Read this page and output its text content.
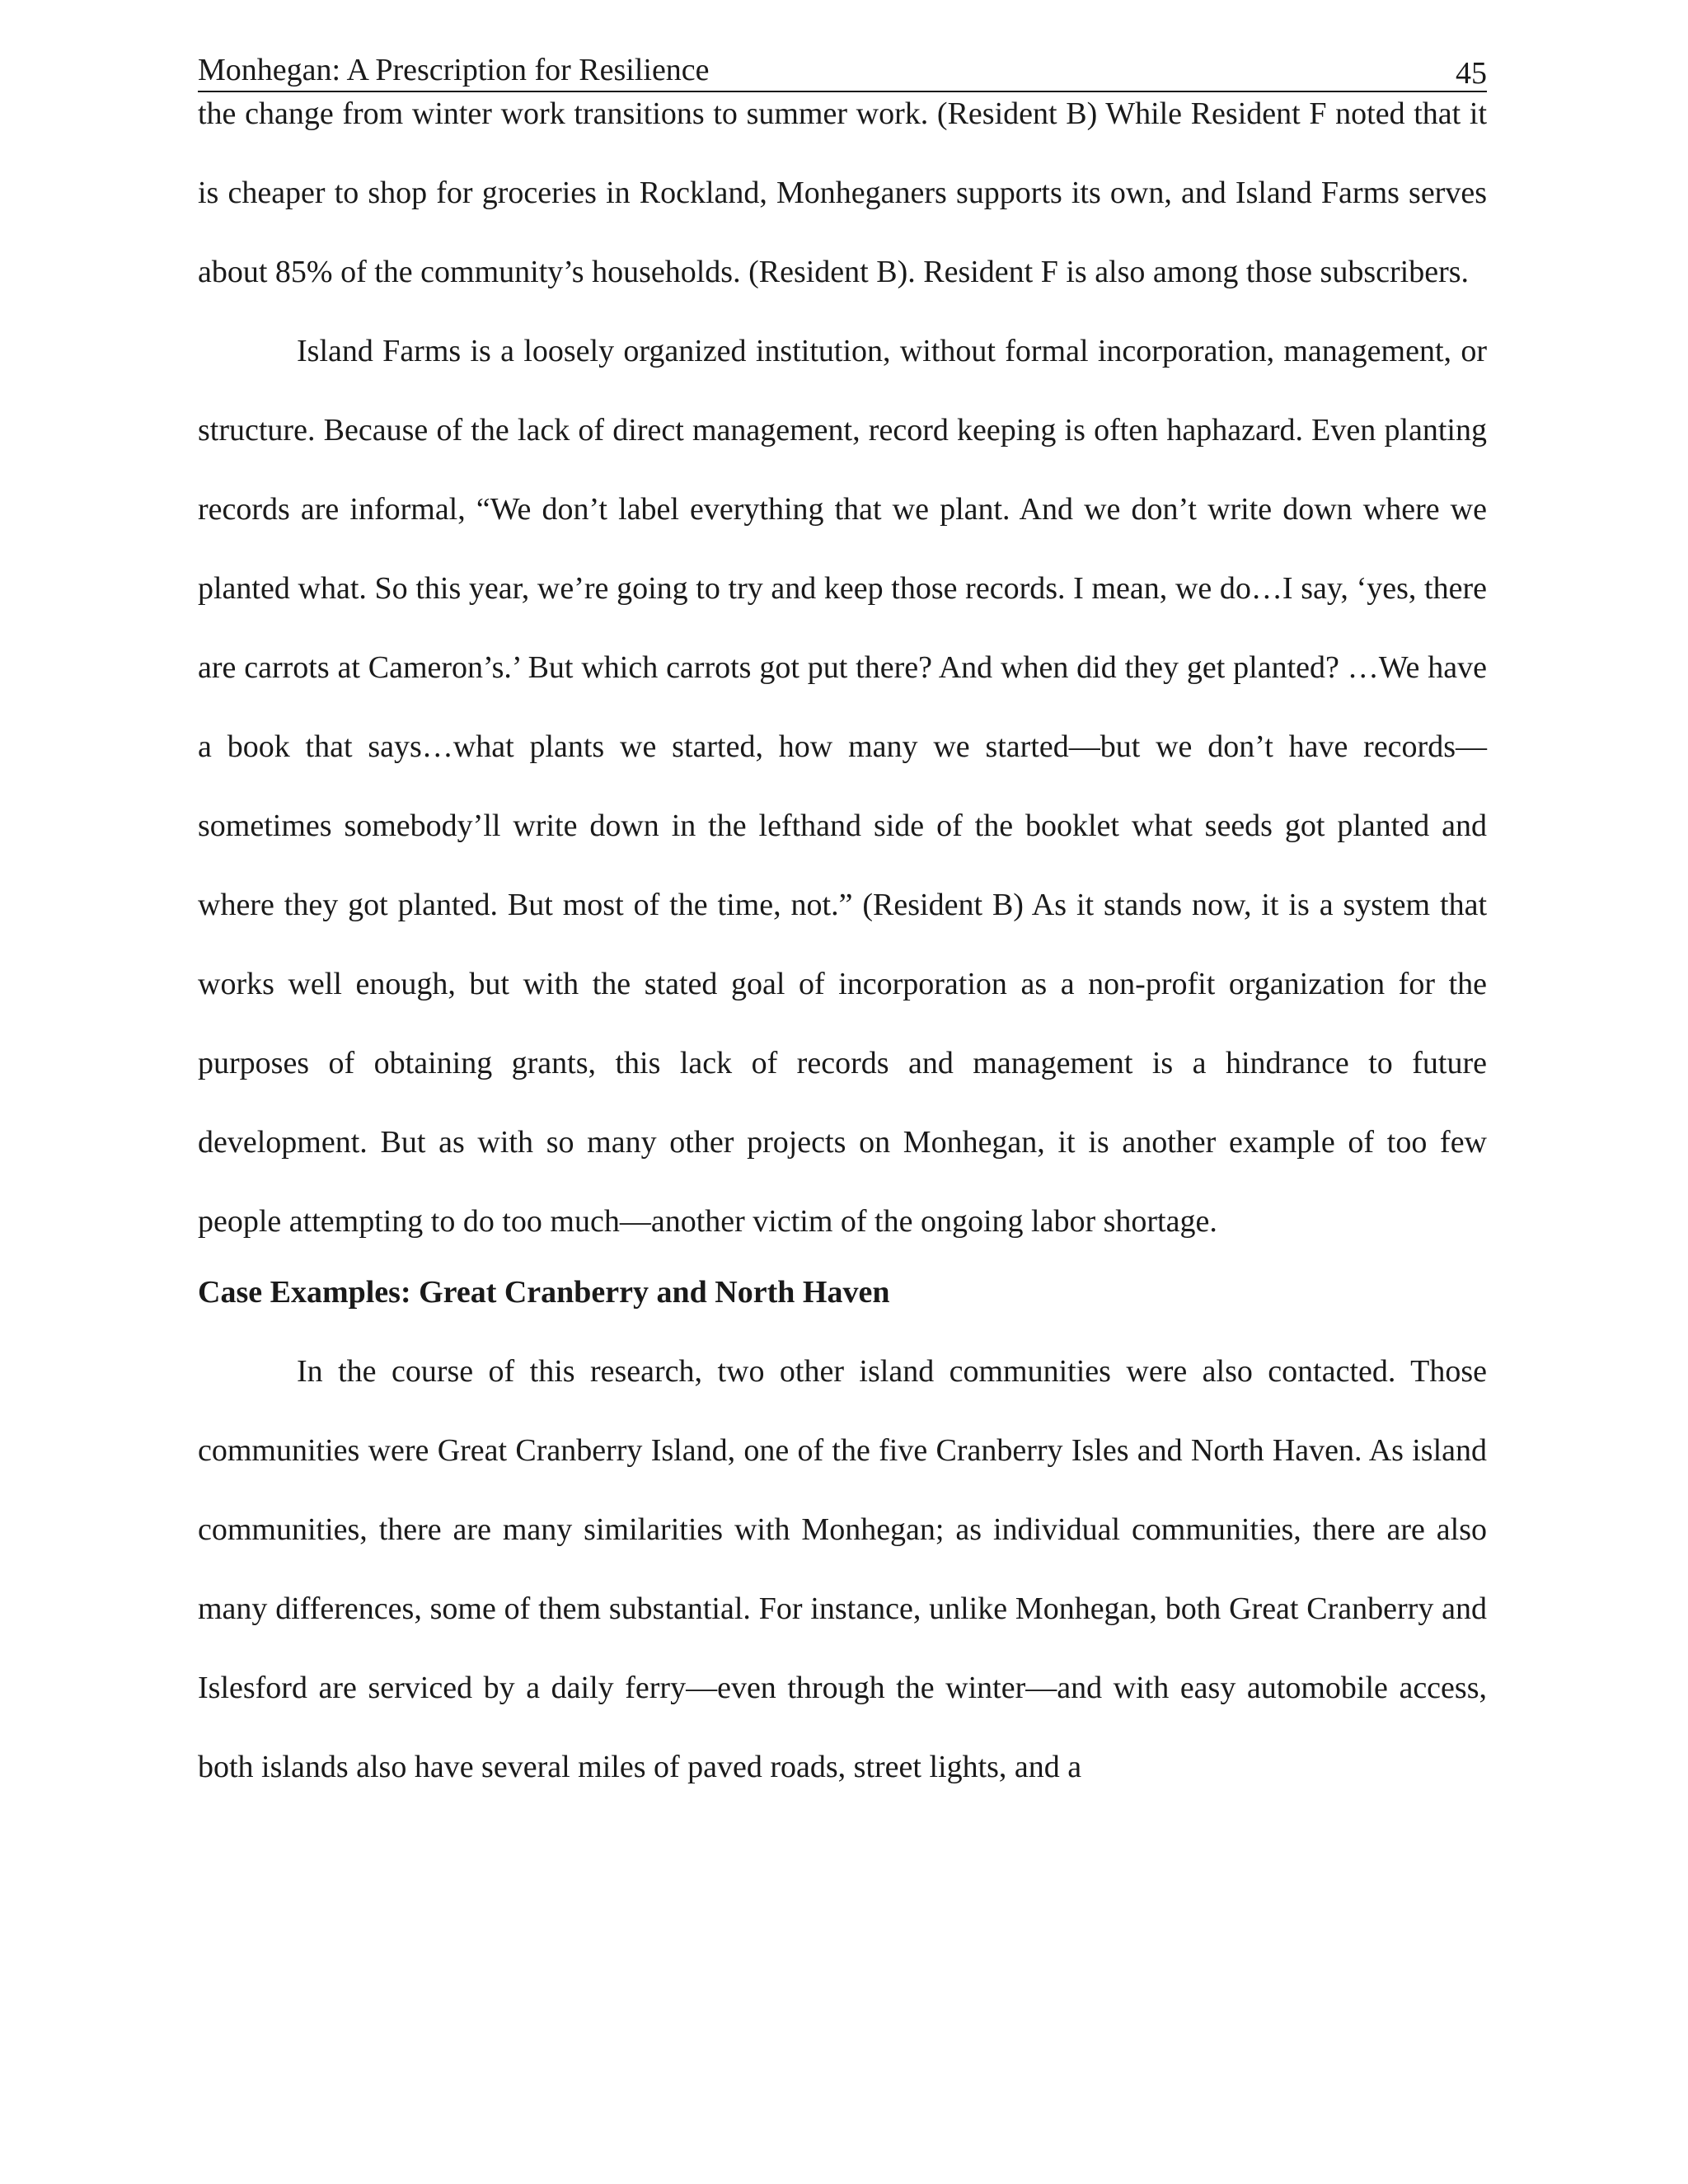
Monhegan: A Prescription for Resilience	45

the change from winter work transitions to summer work. (Resident B) While Resident F noted that it is cheaper to shop for groceries in Rockland, Monheganers supports its own, and Island Farms serves about 85% of the community’s households. (Resident B). Resident F is also among those subscribers.

Island Farms is a loosely organized institution, without formal incorporation, management, or structure. Because of the lack of direct management, record keeping is often haphazard. Even planting records are informal, “We don’t label everything that we plant. And we don’t write down where we planted what. So this year, we’re going to try and keep those records. I mean, we do…I say, ‘yes, there are carrots at Cameron’s.’ But which carrots got put there? And when did they get planted? …We have a book that says…what plants we started, how many we started—but we don’t have records—sometimes somebody’ll write down in the lefthand side of the booklet what seeds got planted and where they got planted. But most of the time, not.” (Resident B) As it stands now, it is a system that works well enough, but with the stated goal of incorporation as a non-profit organization for the purposes of obtaining grants, this lack of records and management is a hindrance to future development. But as with so many other projects on Monhegan, it is another example of too few people attempting to do too much—another victim of the ongoing labor shortage.

Case Examples: Great Cranberry and North Haven

In the course of this research, two other island communities were also contacted. Those communities were Great Cranberry Island, one of the five Cranberry Isles and North Haven. As island communities, there are many similarities with Monhegan; as individual communities, there are also many differences, some of them substantial. For instance, unlike Monhegan, both Great Cranberry and Islesford are serviced by a daily ferry—even through the winter—and with easy automobile access, both islands also have several miles of paved roads, street lights, and a
